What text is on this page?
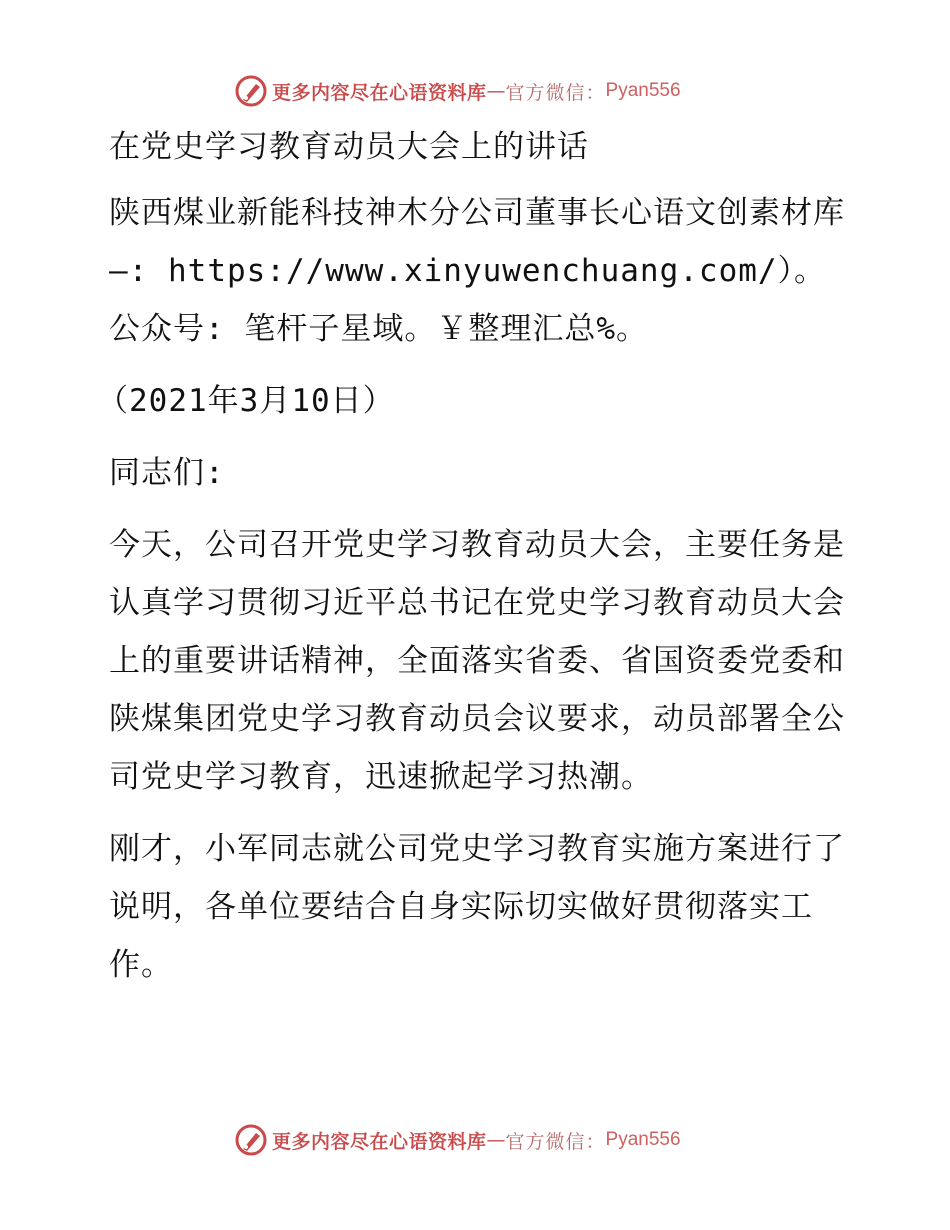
更多内容尽在心语资料库 — 官方微信： Pyan556

在党史学习教育动员大会上的讲话

陕西煤业新能科技神木分公司董事长心语文创素材库—: https://www.xinyuwenchuang.com/）。公众号: 笔杆子星域。￥整理汇总%。

（2021年3月10日）

同志们:

今天，公司召开党史学习教育动员大会，主要任务是认真学习贯彻习近平总书记在党史学习教育动员大会上的重要讲话精神，全面落实省委、省国资委党委和陕煤集团党史学习教育动员会议要求，动员部署全公司党史学习教育，迅速掀起学习热潮。

刚才，小军同志就公司党史学习教育实施方案进行了说明，各单位要结合自身实际切实做好贯彻落实工作。

更多内容尽在心语资料库 — 官方微信： Pyan556
